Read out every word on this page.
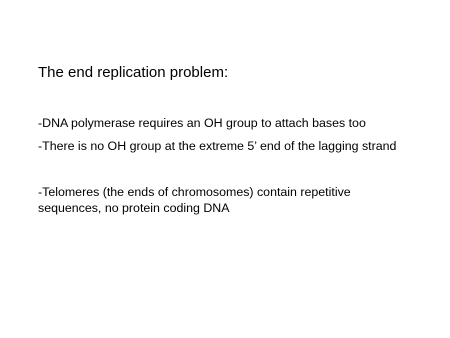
The end replication problem:
-DNA polymerase requires an OH group to attach bases too
-There is no OH group at the extreme 5’ end of the lagging strand
-Telomeres (the ends of chromosomes) contain repetitive
sequences, no protein coding DNA
